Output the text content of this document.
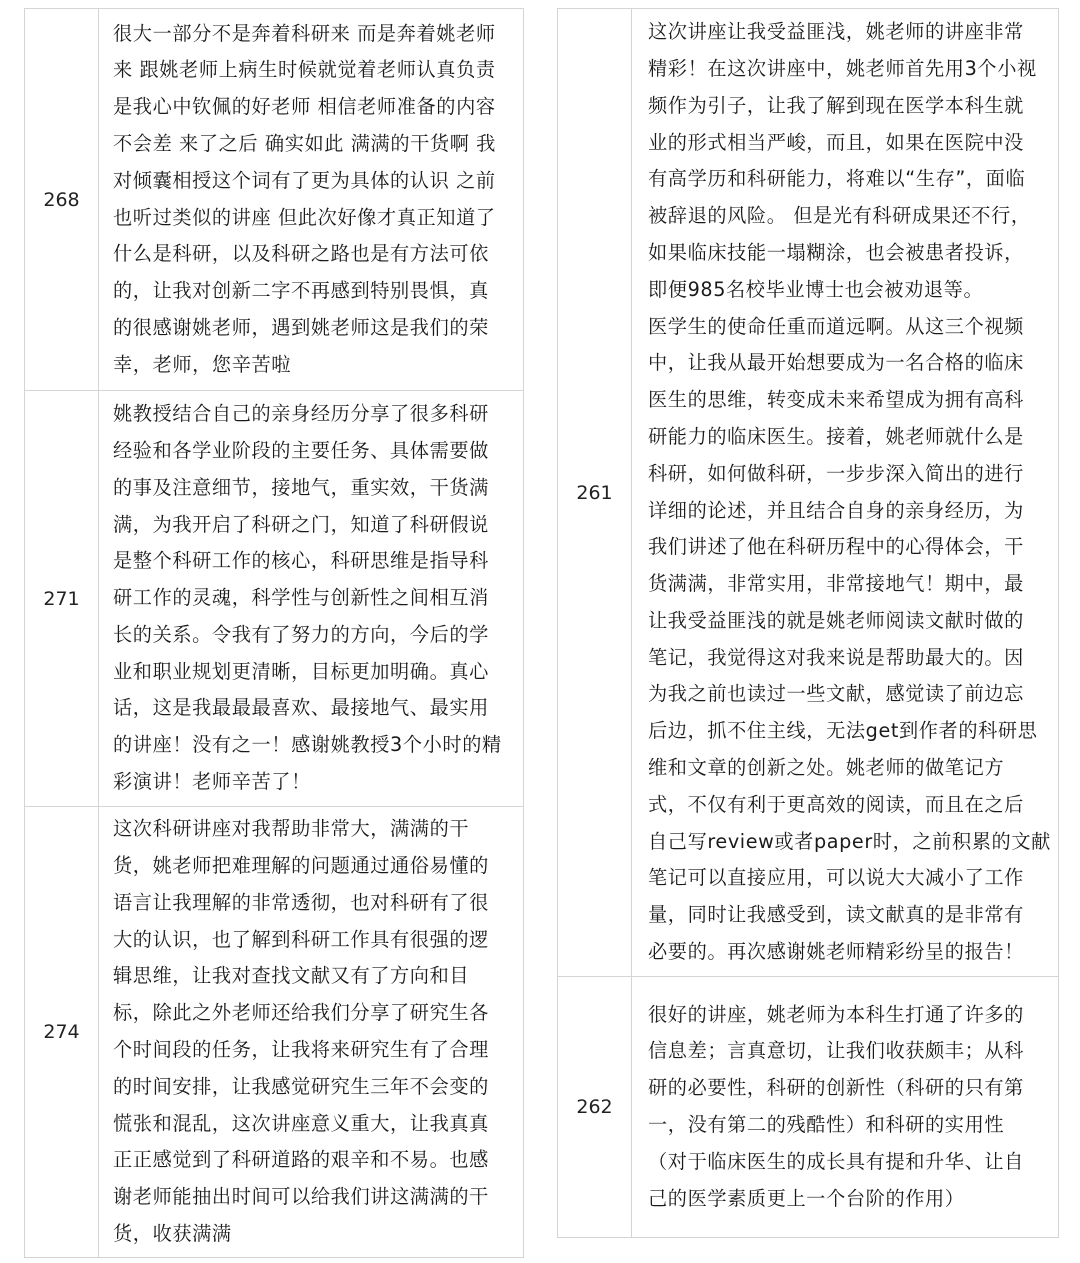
268
很大一部分不是奔着科研来 而是奔着姚老师
来 跟姚老师上病生时候就觉着老师认真负责
是我心中钦佩的好老师 相信老师准备的内容
不会差 来了之后 确实如此 满满的干货啊 我
对倾囊相授这个词有了更为具体的认识 之前
也听过类似的讲座 但此次好像才真正知道了
什么是科研，以及科研之路也是有方法可依
的，让我对创新二字不再感到特别畏惧，真
的很感谢姚老师，遇到姚老师这是我们的荣
幸，老师，您辛苦啦
271
姚教授结合自己的亲身经历分享了很多科研
经验和各学业阶段的主要任务、具体需要做
的事及注意细节，接地气，重实效，干货满
满，为我开启了科研之门，知道了科研假说
是整个科研工作的核心，科研思维是指导科
研工作的灵魂，科学性与创新性之间相互消
长的关系。令我有了努力的方向，今后的学
业和职业规划更清晰，目标更加明确。真心
话，这是我最最最喜欢、最接地气、最实用
的讲座！没有之一！感谢姚教授3个小时的精
彩演讲！老师辛苦了！
274
这次科研讲座对我帮助非常大，满满的干
货，姚老师把难理解的问题通过通俗易懂的
语言让我理解的非常透彻，也对科研有了很
大的认识，也了解到科研工作具有很强的逻
辑思维，让我对查找文献又有了方向和目
标，除此之外老师还给我们分享了研究生各
个时间段的任务，让我将来研究生有了合理
的时间安排，让我感觉研究生三年不会变的
慌张和混乱，这次讲座意义重大，让我真真
正正感觉到了科研道路的艰辛和不易。也感
谢老师能抽出时间可以给我们讲这满满的干
货，收获满满
261
这次讲座让我受益匪浅，姚老师的讲座非常
精彩！在这次讲座中，姚老师首先用3个小视
频作为引子，让我了解到现在医学本科生就
业的形式相当严峻，而且，如果在医院中没
有高学历和科研能力，将难以“生存”，面临
被辞退的风险。 但是光有科研成果还不行，
如果临床技能一塌糊涂，也会被患者投诉，
即便985名校毕业博士也会被劝退等。
医学生的使命任重而道远啊。从这三个视频
中，让我从最开始想要成为一名合格的临床
医生的思维，转变成未来希望成为拥有高科
研能力的临床医生。接着，姚老师就什么是
科研，如何做科研，一步步深入简出的进行
详细的论述，并且结合自身的亲身经历，为
我们讲述了他在科研历程中的心得体会，干
货满满，非常实用，非常接地气！期中，最
让我受益匪浅的就是姚老师阅读文献时做的
笔记，我觉得这对我来说是帮助最大的。因
为我之前也读过一些文献，感觉读了前边忘
后边，抓不住主线，无法get到作者的科研思
维和文章的创新之处。姚老师的做笔记方
式，不仅有利于更高效的阅读，而且在之后
自己写review或者paper时，之前积累的文献
笔记可以直接应用，可以说大大减小了工作
量，同时让我感受到，读文献真的是非常有
必要的。再次感谢姚老师精彩纷呈的报告！
262
很好的讲座，姚老师为本科生打通了许多的
信息差；言真意切，让我们收获颇丰；从科
研的必要性，科研的创新性（科研的只有第
一，没有第二的残酷性）和科研的实用性
（对于临床医生的成长具有提和升华、让自
己的医学素质更上一个台阶的作用）
